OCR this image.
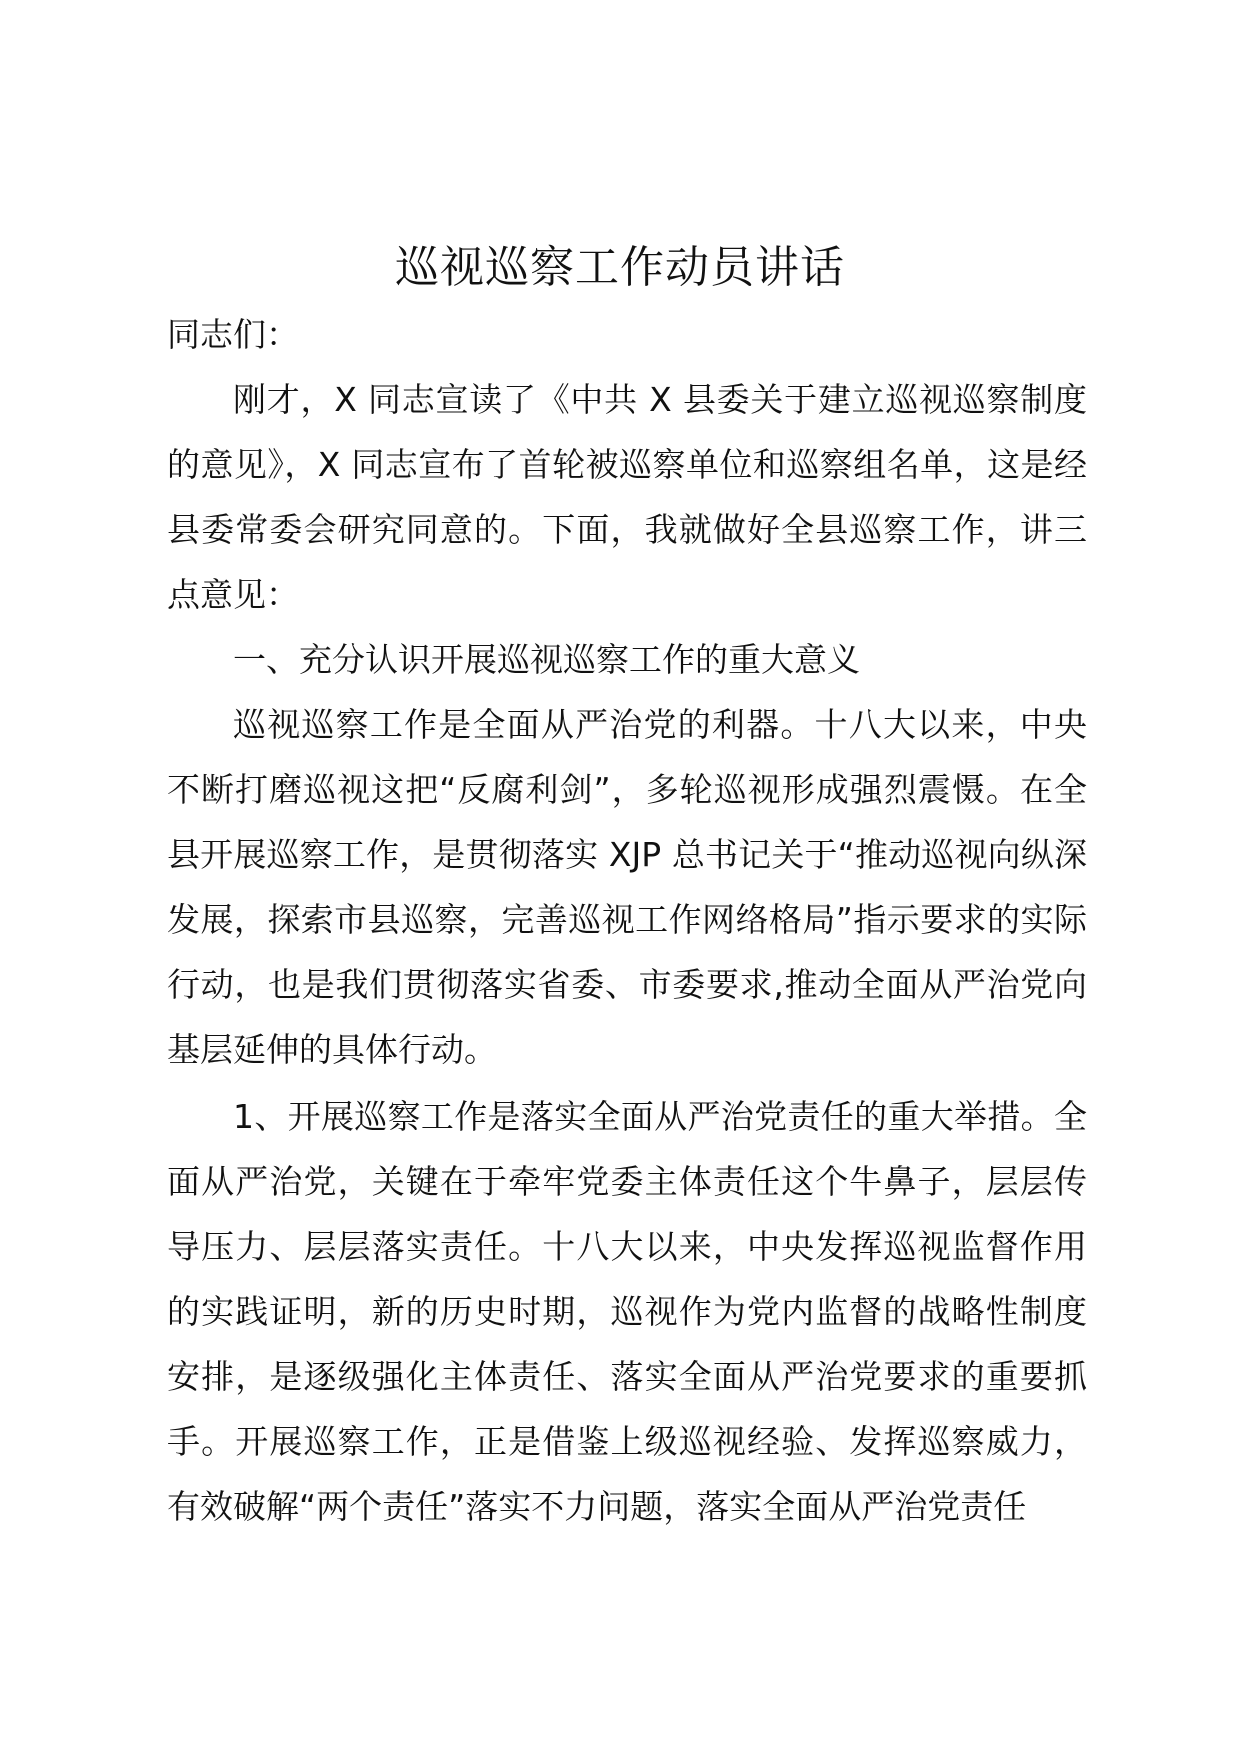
巡视巡察工作动员讲话

同志们：

刚才，X 同志宣读了《中共 X 县委关于建立巡视巡察制度的意见》，X 同志宣布了首轮被巡察单位和巡察组名单，这是经县委常委会研究同意的。下面，我就做好全县巡察工作，讲三点意见：

一、充分认识开展巡视巡察工作的重大意义

巡视巡察工作是全面从严治党的利器。十八大以来，中央不断打磨巡视这把“反腐利剑”，多轮巡视形成强烈震慑。在全县开展巡察工作，是贯彻落实 XJP 总书记关于“推动巡视向纵深发展，探索市县巡察，完善巡视工作网络格局”指示要求的实际行动，也是我们贯彻落实省委、市委要求,推动全面从严治党向基层延伸的具体行动。

1、开展巡察工作是落实全面从严治党责任的重大举措。全面从严治党，关键在于牵牢党委主体责任这个牛鼻子，层层传导压力、层层落实责任。十八大以来，中央发挥巡视监督作用的实践证明，新的历史时期，巡视作为党内监督的战略性制度安排，是逐级强化主体责任、落实全面从严治党要求的重要抓手。开展巡察工作，正是借鉴上级巡视经验、发挥巡察威力，有效破解“两个责任”落实不力问题，落实全面从严治党责任
